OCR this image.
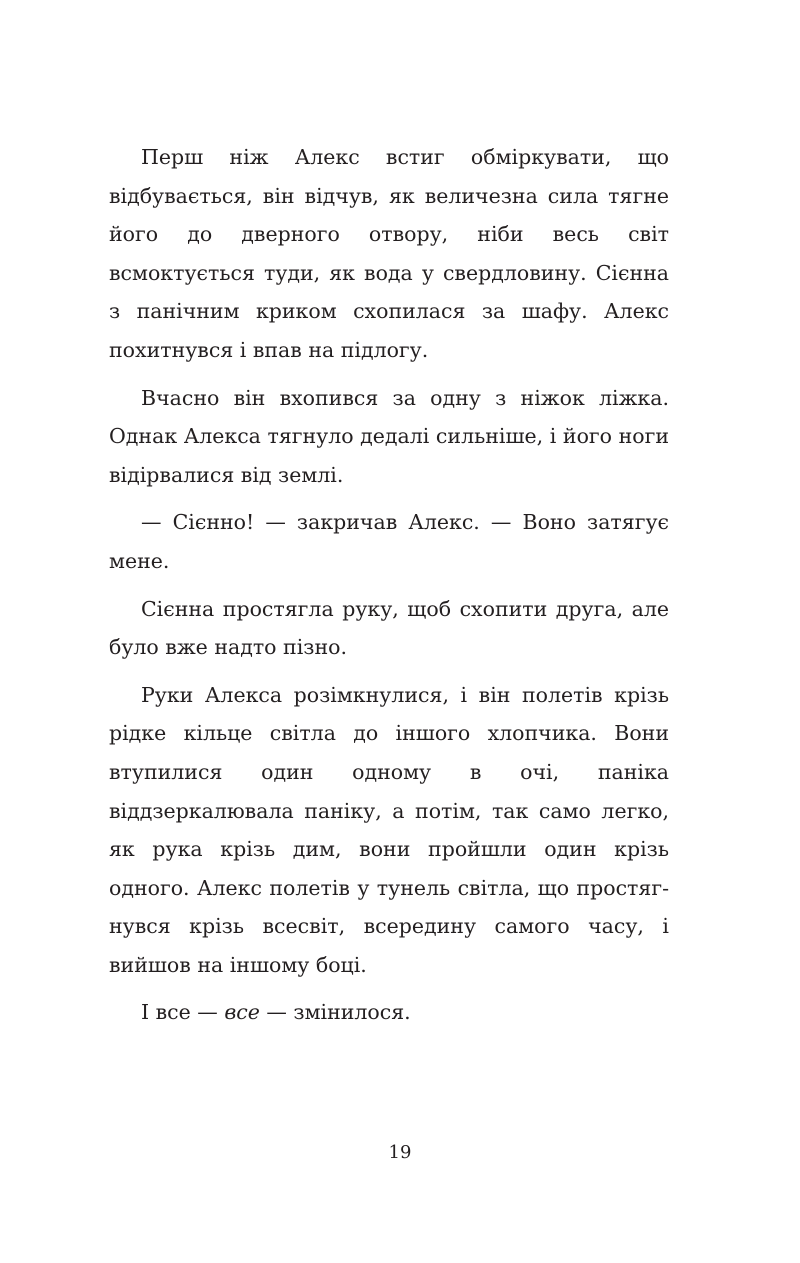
Перш ніж Алекс встиг обміркувати, що відбувається, він відчув, як величезна сила тягне його до дверного отвору, ніби весь світ всмоктується туди, як вода у свердловину. Сієнна з панічним криком схопилася за шафу. Алекс похитнувся і впав на підлогу.

Вчасно він вхопився за одну з ніжок ліжка. Однак Алекса тягнуло дедалі сильніше, і його ноги відірвалися від землі.

— Сієнно! — закричав Алекс. — Воно затягує мене.

Сієнна простягла руку, щоб схопити друга, але було вже надто пізно.

Руки Алекса розімкнулися, і він полетів крізь рідке кільце світла до іншого хлопчика. Вони втупилися один одному в очі, паніка віддзеркалювала паніку, а потім, так само легко, як рука крізь дим, вони пройшли один крізь одного. Алекс полетів у тунель світла, що простягнувся крізь всесвіт, всередину самого часу, і вийшов на іншому боці.

І все — все — змінилося.

19
